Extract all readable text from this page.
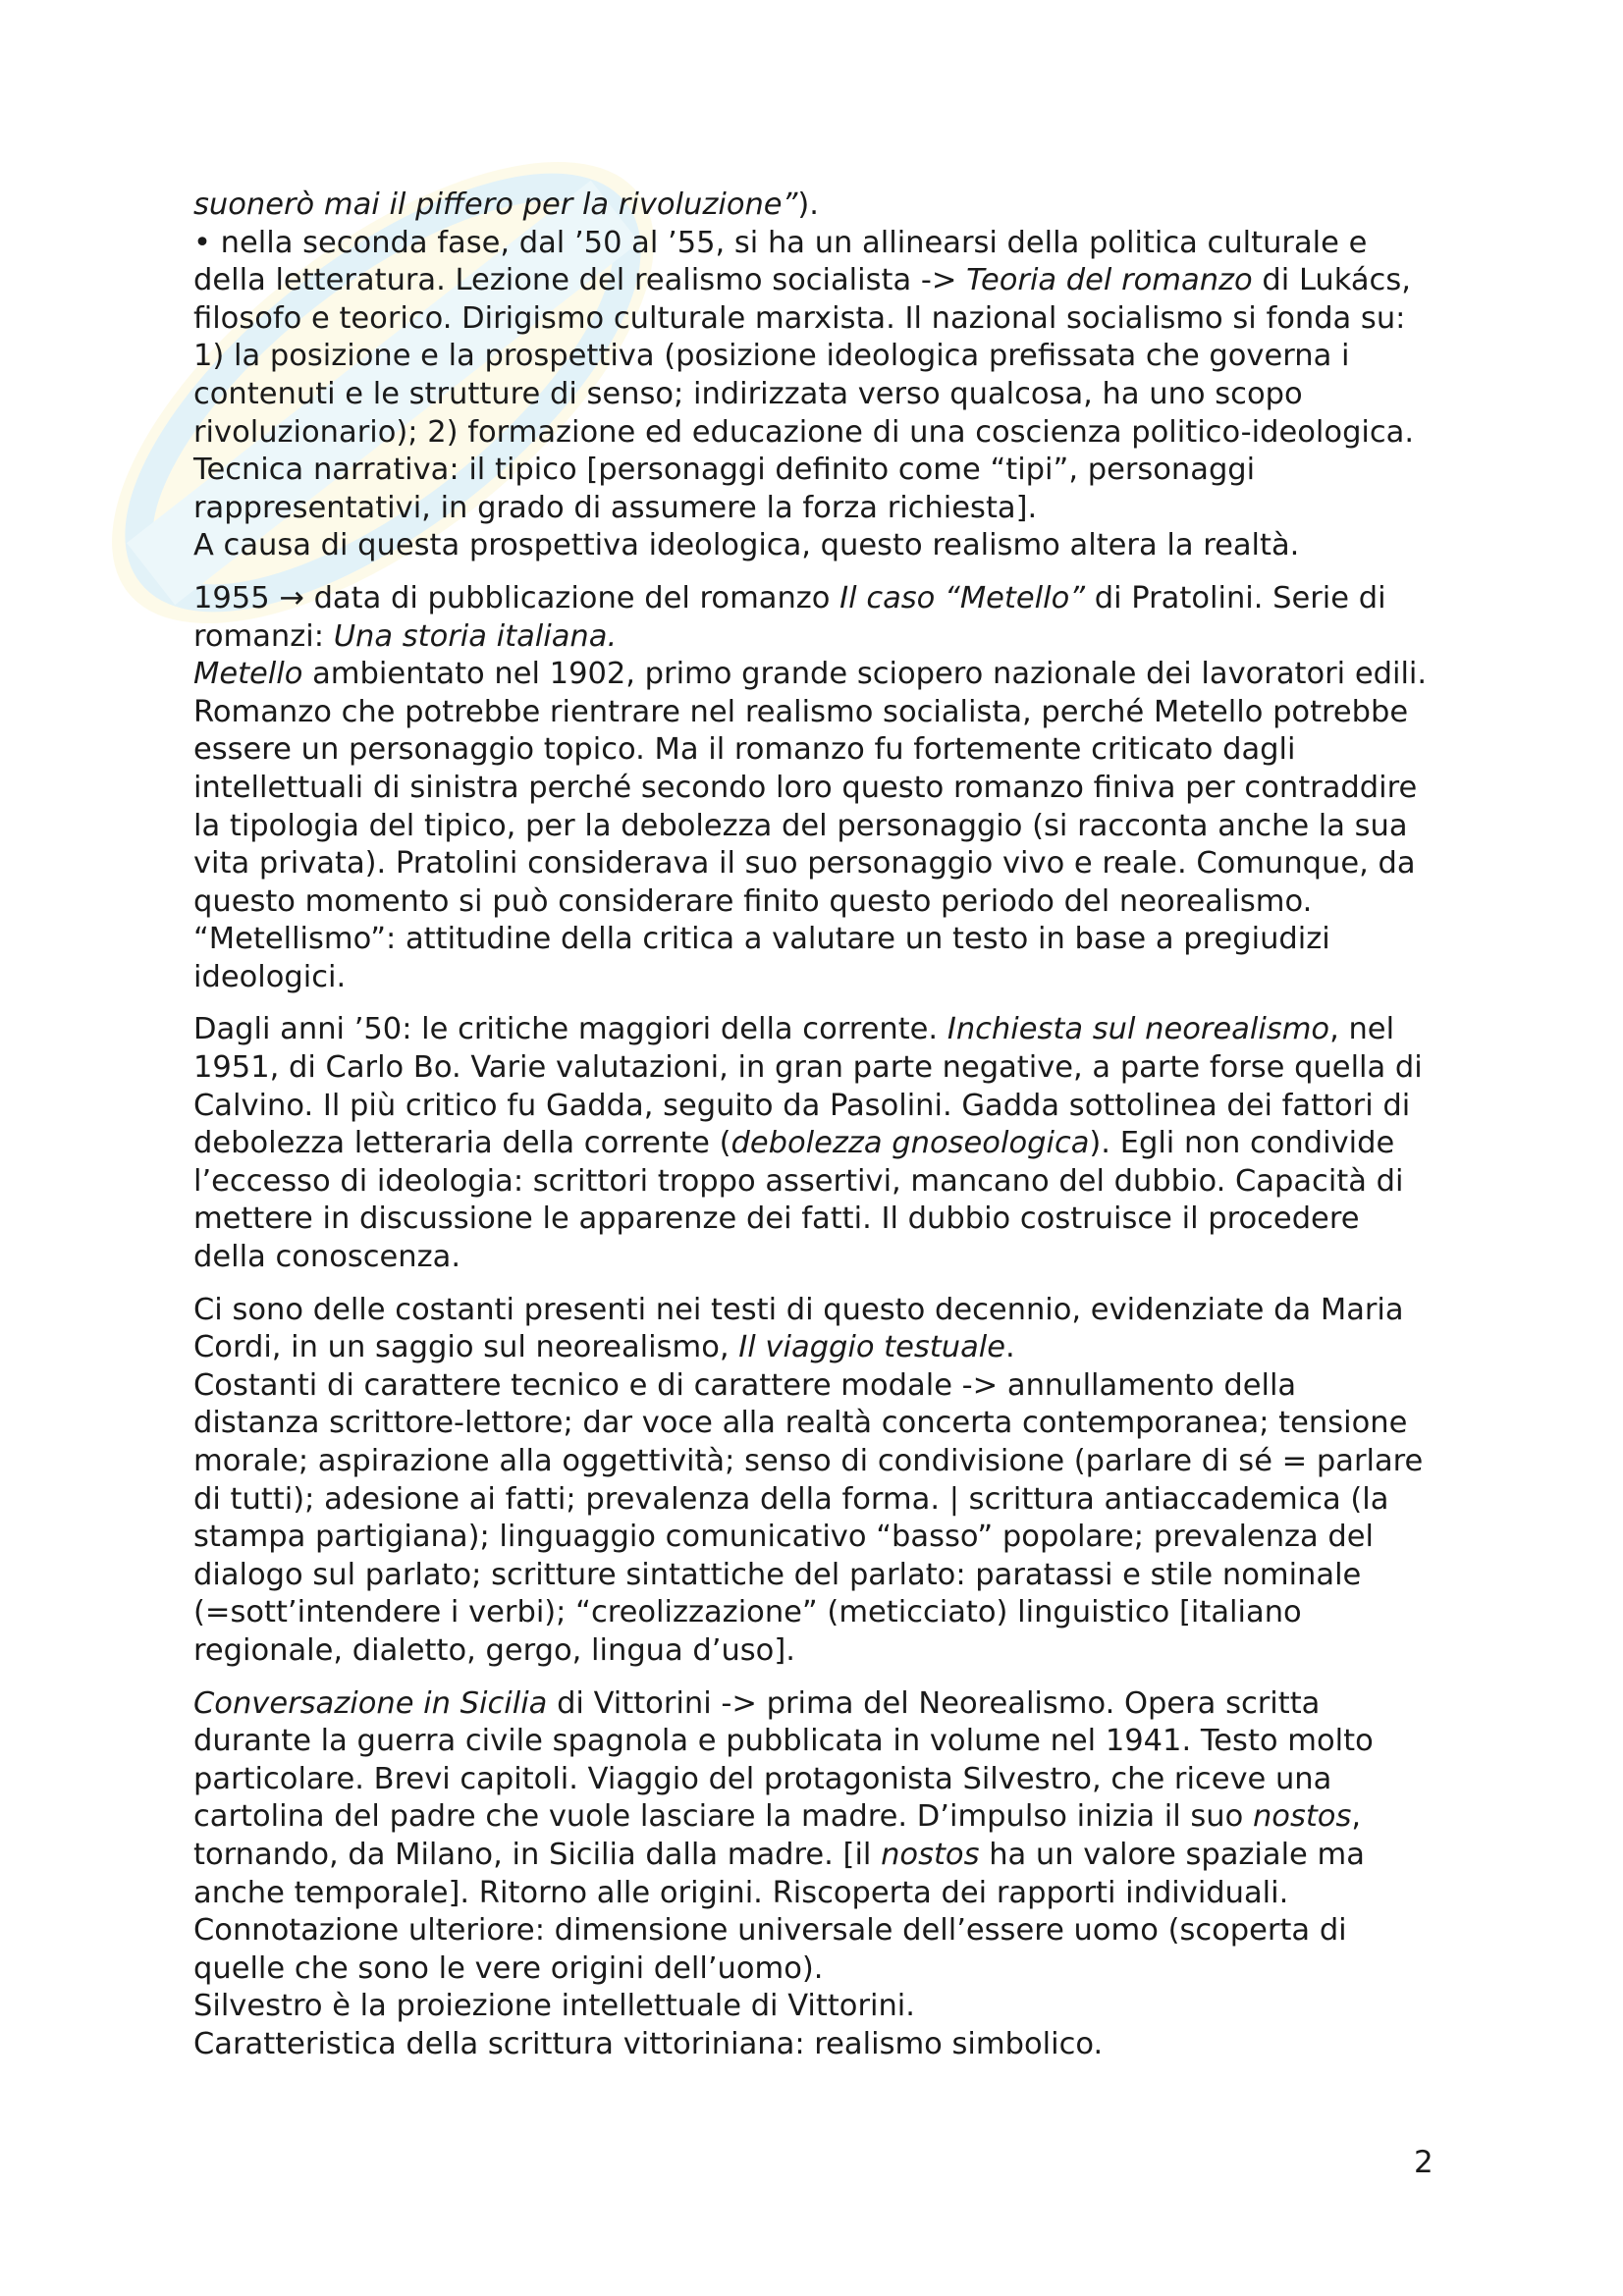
suonerò mai il piffero per la rivoluzione”).
• nella seconda fase, dal ’50 al ’55, si ha un allinearsi della politica culturale e
della letteratura. Lezione del realismo socialista -> Teoria del romanzo di Lukács,
filosofo e teorico. Dirigismo culturale marxista. Il nazional socialismo si fonda su:
1) la posizione e la prospettiva (posizione ideologica prefissata che governa i
contenuti e le strutture di senso; indirizzata verso qualcosa, ha uno scopo
rivoluzionario); 2) formazione ed educazione di una coscienza politico-ideologica.
Tecnica narrativa: il tipico [personaggi definito come “tipi”, personaggi
rappresentativi, in grado di assumere la forza richiesta].
A causa di questa prospettiva ideologica, questo realismo altera la realtà.
1955 → data di pubblicazione del romanzo Il caso “Metello” di Pratolini. Serie di
romanzi: Una storia italiana.
Metello ambientato nel 1902, primo grande sciopero nazionale dei lavoratori edili.
Romanzo che potrebbe rientrare nel realismo socialista, perché Metello potrebbe
essere un personaggio topico. Ma il romanzo fu fortemente criticato dagli
intellettuali di sinistra perché secondo loro questo romanzo finiva per contraddire
la tipologia del tipico, per la debolezza del personaggio (si racconta anche la sua
vita privata). Pratolini considerava il suo personaggio vivo e reale. Comunque, da
questo momento si può considerare finito questo periodo del neorealismo.
“Metellismo”: attitudine della critica a valutare un testo in base a pregiudizi
ideologici.
Dagli anni ’50: le critiche maggiori della corrente. Inchiesta sul neorealismo, nel
1951, di Carlo Bo. Varie valutazioni, in gran parte negative, a parte forse quella di
Calvino. Il più critico fu Gadda, seguito da Pasolini. Gadda sottolinea dei fattori di
debolezza letteraria della corrente (debolezza gnoseologica). Egli non condivide
l’eccesso di ideologia: scrittori troppo assertivi, mancano del dubbio. Capacità di
mettere in discussione le apparenze dei fatti. Il dubbio costruisce il procedere
della conoscenza.
Ci sono delle costanti presenti nei testi di questo decennio, evidenziate da Maria
Cordi, in un saggio sul neorealismo, Il viaggio testuale.
Costanti di carattere tecnico e di carattere modale -> annullamento della
distanza scrittore-lettore; dar voce alla realtà concerta contemporanea; tensione
morale; aspirazione alla oggettività; senso di condivisione (parlare di sé = parlare
di tutti); adesione ai fatti; prevalenza della forma. | scrittura antiaccademica (la
stampa partigiana); linguaggio comunicativo “basso” popolare; prevalenza del
dialogo sul parlato; scritture sintattiche del parlato: paratassi e stile nominale
(=sott’intendere i verbi); “creolizzazione” (meticciato) linguistico [italiano
regionale, dialetto, gergo, lingua d’uso].
Conversazione in Sicilia di Vittorini -> prima del Neorealismo. Opera scritta
durante la guerra civile spagnola e pubblicata in volume nel 1941. Testo molto
particolare. Brevi capitoli. Viaggio del protagonista Silvestro, che riceve una
cartolina del padre che vuole lasciare la madre. D’impulso inizia il suo nostos,
tornando, da Milano, in Sicilia dalla madre. [il nostos ha un valore spaziale ma
anche temporale]. Ritorno alle origini. Riscoperta dei rapporti individuali.
Connotazione ulteriore: dimensione universale dell’essere uomo (scoperta di
quelle che sono le vere origini dell’uomo).
Silvestro è la proiezione intellettuale di Vittorini.
Caratteristica della scrittura vittoriniana: realismo simbolico.
2
